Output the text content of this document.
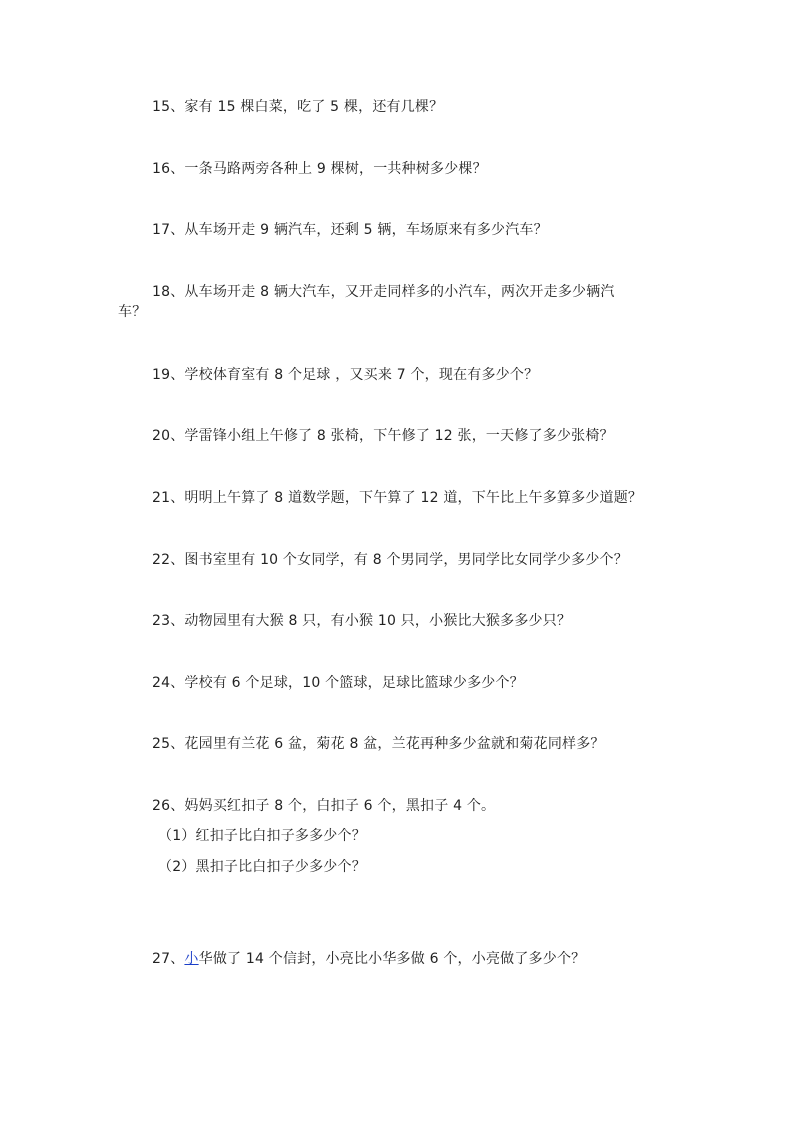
15、家有 15 棵白菜，吃了 5 棵，还有几棵？
16、一条马路两旁各种上 9 棵树，一共种树多少棵？
17、从车场开走 9 辆汽车，还剩 5 辆，车场原来有多少汽车？
18、从车场开走 8 辆大汽车，又开走同样多的小汽车，两次开走多少辆汽
车？
19、学校体育室有 8 个足球 ，又买来 7 个，现在有多少个？
20、学雷锋小组上午修了 8 张椅，下午修了 12 张，一天修了多少张椅？
21、明明上午算了 8 道数学题，下午算了 12 道，下午比上午多算多少道题？
22、图书室里有 10 个女同学，有 8 个男同学，男同学比女同学少多少个？
23、动物园里有大猴 8 只，有小猴 10 只，小猴比大猴多多少只？
24、学校有 6 个足球，10 个篮球，足球比篮球少多少个？
25、花园里有兰花 6 盆，菊花 8 盆，兰花再种多少盆就和菊花同样多？
26、妈妈买红扣子 8 个，白扣子 6 个，黑扣子 4 个。
（1）红扣子比白扣子多多少个？
（2）黑扣子比白扣子少多少个？
27、小华做了 14 个信封，小亮比小华多做 6 个，小亮做了多少个？
